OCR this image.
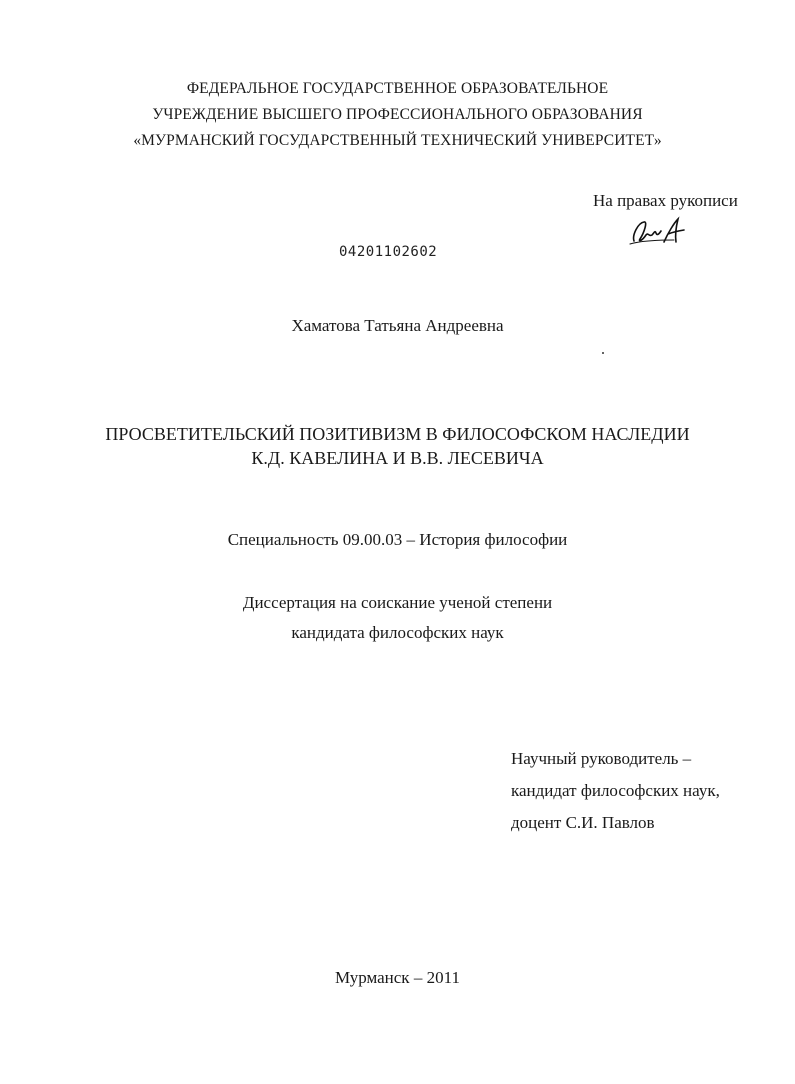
ФЕДЕРАЛЬНОЕ ГОСУДАРСТВЕННОЕ ОБРАЗОВАТЕЛЬНОЕ
УЧРЕЖДЕНИЕ ВЫСШЕГО ПРОФЕССИОНАЛЬНОГО ОБРАЗОВАНИЯ
«МУРМАНСКИЙ ГОСУДАРСТВЕННЫЙ ТЕХНИЧЕСКИЙ УНИВЕРСИТЕТ»
На правах рукописи
04201102602
Хаматова Татьяна Андреевна
ПРОСВЕТИТЕЛЬСКИЙ ПОЗИТИВИЗМ В ФИЛОСОФСКОМ НАСЛЕДИИ
К.Д. КАВЕЛИНА И В.В. ЛЕСЕВИЧА
Специальность 09.00.03 – История философии
Диссертация на соискание ученой степени
кандидата философских наук
Научный руководитель –
кандидат философских наук,
доцент С.И. Павлов
Мурманск – 2011
